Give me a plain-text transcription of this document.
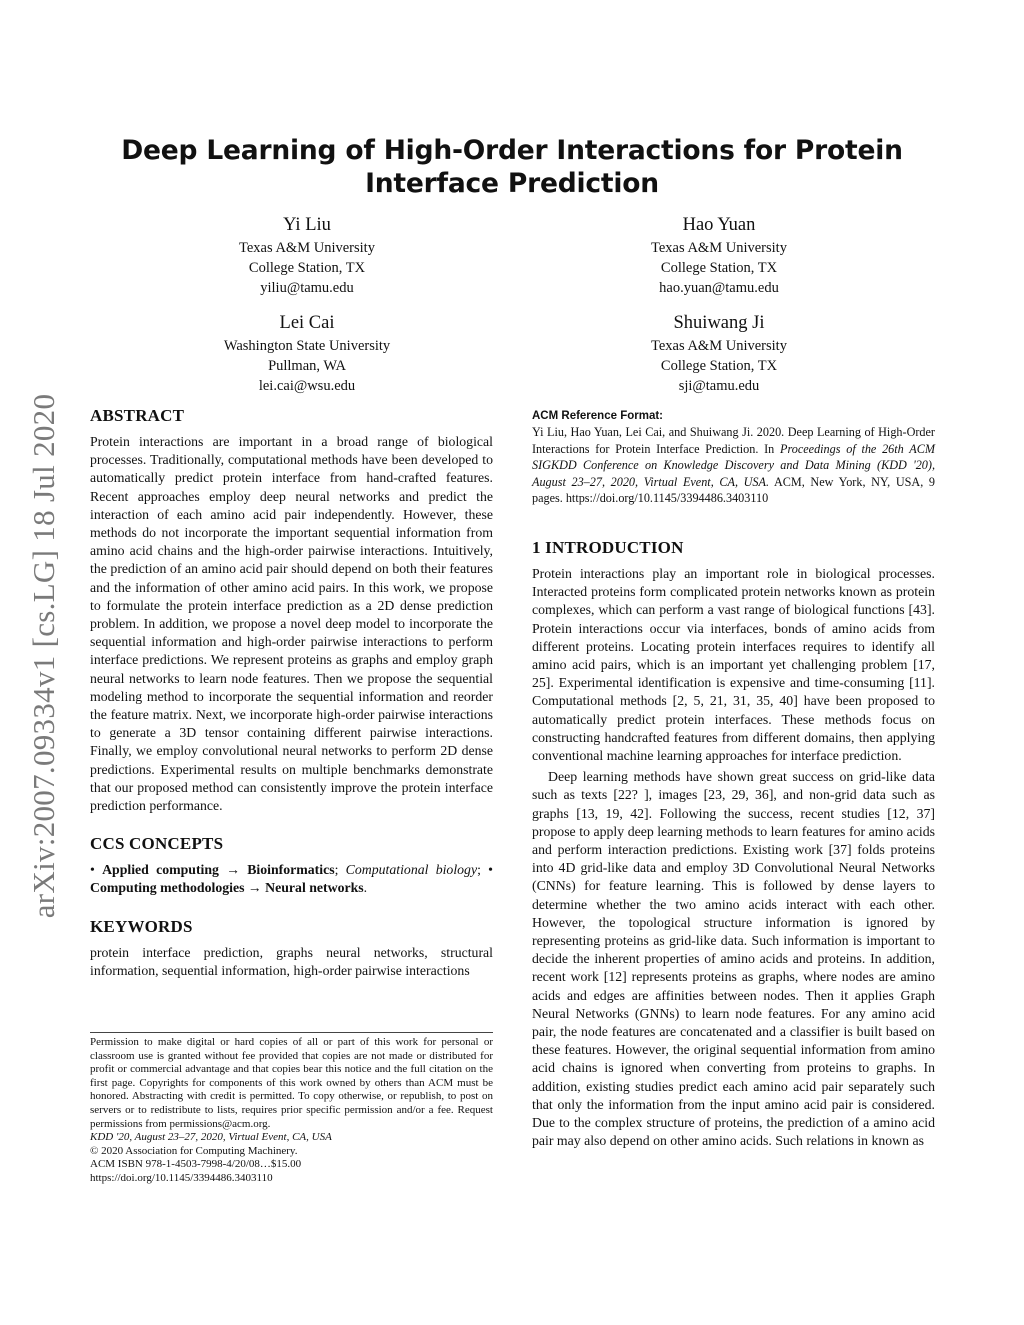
Deep Learning of High-Order Interactions for Protein Interface Prediction
Yi Liu
Texas A&M University
College Station, TX
yiliu@tamu.edu
Hao Yuan
Texas A&M University
College Station, TX
hao.yuan@tamu.edu
Lei Cai
Washington State University
Pullman, WA
lei.cai@wsu.edu
Shuiwang Ji
Texas A&M University
College Station, TX
sji@tamu.edu
arXiv:2007.09334v1 [cs.LG] 18 Jul 2020 ABSTRACT

Protein interactions are important in a broad range of biological processes. Traditionally, computational methods have been developed to automatically predict protein interface from hand-crafted features. Recent approaches employ deep neural networks and predict the interaction of each amino acid pair independently. However, these methods do not incorporate the important sequential information from amino acid chains and the high-order pairwise interactions. Intuitively, the prediction of an amino acid pair should depend on both their features and the information of other amino acid pairs. In this work, we propose to formulate the protein interface prediction as a 2D dense prediction problem. In addition, we propose a novel deep model to incorporate the sequential information and high-order pairwise interactions to perform interface predictions. We represent proteins as graphs and employ graph neural networks to learn node features. Then we propose the sequential modeling method to incorporate the sequential information and reorder the feature matrix. Next, we incorporate high-order pairwise interactions to generate a 3D tensor containing different pairwise interactions. Finally, we employ convolutional neural networks to perform 2D dense predictions. Experimental results on multiple benchmarks demonstrate that our proposed method can consistently improve the protein interface prediction performance.

CCS CONCEPTS

• Applied computing → Bioinformatics; Computational biology; • Computing methodologies → Neural networks.

KEYWORDS

protein interface prediction, graphs neural networks, structural information, sequential information, high-order pairwise interactions

Permission to make digital or hard copies of all or part of this work for personal or classroom use is granted without fee provided that copies are not made or distributed for profit or commercial advantage and that copies bear this notice and the full citation on the first page. Copyrights for components of this work owned by others than ACM must be honored. Abstracting with credit is permitted. To copy otherwise, or republish, to post on servers or to redistribute to lists, requires prior specific permission and/or a fee. Request permissions from permissions@acm.org.

KDD '20, August 23–27, 2020, Virtual Event, CA, USA

© 2020 Association for Computing Machinery.

ACM ISBN 978-1-4503-7998-4/20/08…$15.00

https://doi.org/10.1145/3394486.3403110

ACM Reference Format:

Yi Liu, Hao Yuan, Lei Cai, and Shuiwang Ji. 2020. Deep Learning of High-Order Interactions for Protein Interface Prediction. In Proceedings of the 26th ACM SIGKDD Conference on Knowledge Discovery and Data Mining (KDD '20), August 23–27, 2020, Virtual Event, CA, USA. ACM, New York, NY, USA, 9 pages. https://doi.org/10.1145/3394486.3403110

1 INTRODUCTION

Protein interactions play an important role in biological processes. Interacted proteins form complicated protein networks known as protein complexes, which can perform a vast range of biological functions [43]. Protein interactions occur via interfaces, bonds of amino acids from different proteins. Locating protein interfaces requires to identify all amino acid pairs, which is an important yet challenging problem [17, 25]. Experimental identification is expensive and time-consuming [11]. Computational methods [2, 5, 21, 31, 35, 40] have been proposed to automatically predict protein interfaces. These methods focus on constructing handcrafted features from different domains, then applying conventional machine learning approaches for interface prediction.

Deep learning methods have shown great success on grid-like data such as texts [22? ], images [23, 29, 36], and non-grid data such as graphs [13, 19, 42]. Following the success, recent studies [12, 37] propose to apply deep learning methods to learn features for amino acids and perform interaction predictions. Existing work [37] folds proteins into 4D grid-like data and employ 3D Convolutional Neural Networks (CNNs) for feature learning. This is followed by dense layers to determine whether the two amino acids interact with each other. However, the topological structure information is ignored by representing proteins as grid-like data. Such information is important to decide the inherent properties of amino acids and proteins. In addition, recent work [12] represents proteins as graphs, where nodes are amino acids and edges are affinities between nodes. Then it applies Graph Neural Networks (GNNs) to learn node features. For any amino acid pair, the node features are concatenated and a classifier is built based on these features. However, the original sequential information from amino acid chains is ignored when converting from proteins to graphs. In addition, existing studies predict each amino acid pair separately such that only the information from the input amino acid pair is considered. Due to the complex structure of proteins, the prediction of a amino acid pair may also depend on other amino acids. Such relations in known as
